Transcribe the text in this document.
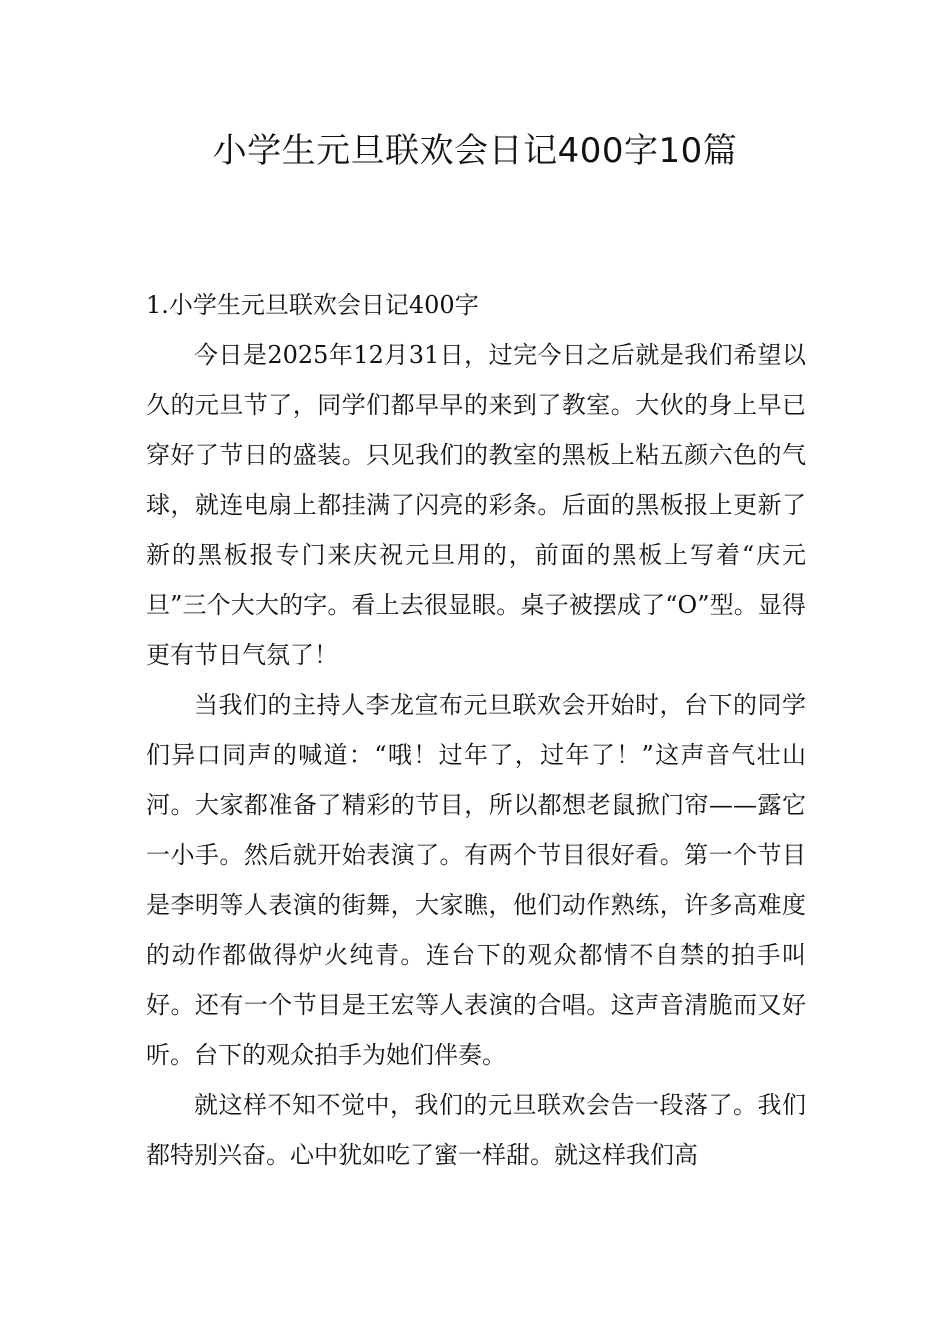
小学生元旦联欢会日记400字10篇
1.小学生元旦联欢会日记400字

今日是2025年12月31日，过完今日之后就是我们希望以久的元旦节了，同学们都早早的来到了教室。大伙的身上早已穿好了节日的盛装。只见我们的教室的黑板上粘五颜六色的气球，就连电扇上都挂满了闪亮的彩条。后面的黑板报上更新了新的黑板报专门来庆祝元旦用的，前面的黑板上写着“庆元旦”三个大大的字。看上去很显眼。桌子被摆成了“O”型。显得更有节日气氛了！

当我们的主持人李龙宣布元旦联欢会开始时，台下的同学们异口同声的喊道：“哦！过年了，过年了！”这声音气壮山河。大家都准备了精彩的节目，所以都想老鼠掀门帘——露它一小手。然后就开始表演了。有两个节目很好看。第一个节目是李明等人表演的街舞，大家瞧，他们动作熟练，许多高难度的动作都做得炉火纯青。连台下的观众都情不自禁的拍手叫好。还有一个节目是王宏等人表演的合唱。这声音清脆而又好听。台下的观众拍手为她们伴奏。

就这样不知不觉中，我们的元旦联欢会告一段落了。我们都特别兴奋。心中犹如吃了蜜一样甜。就这样我们高
